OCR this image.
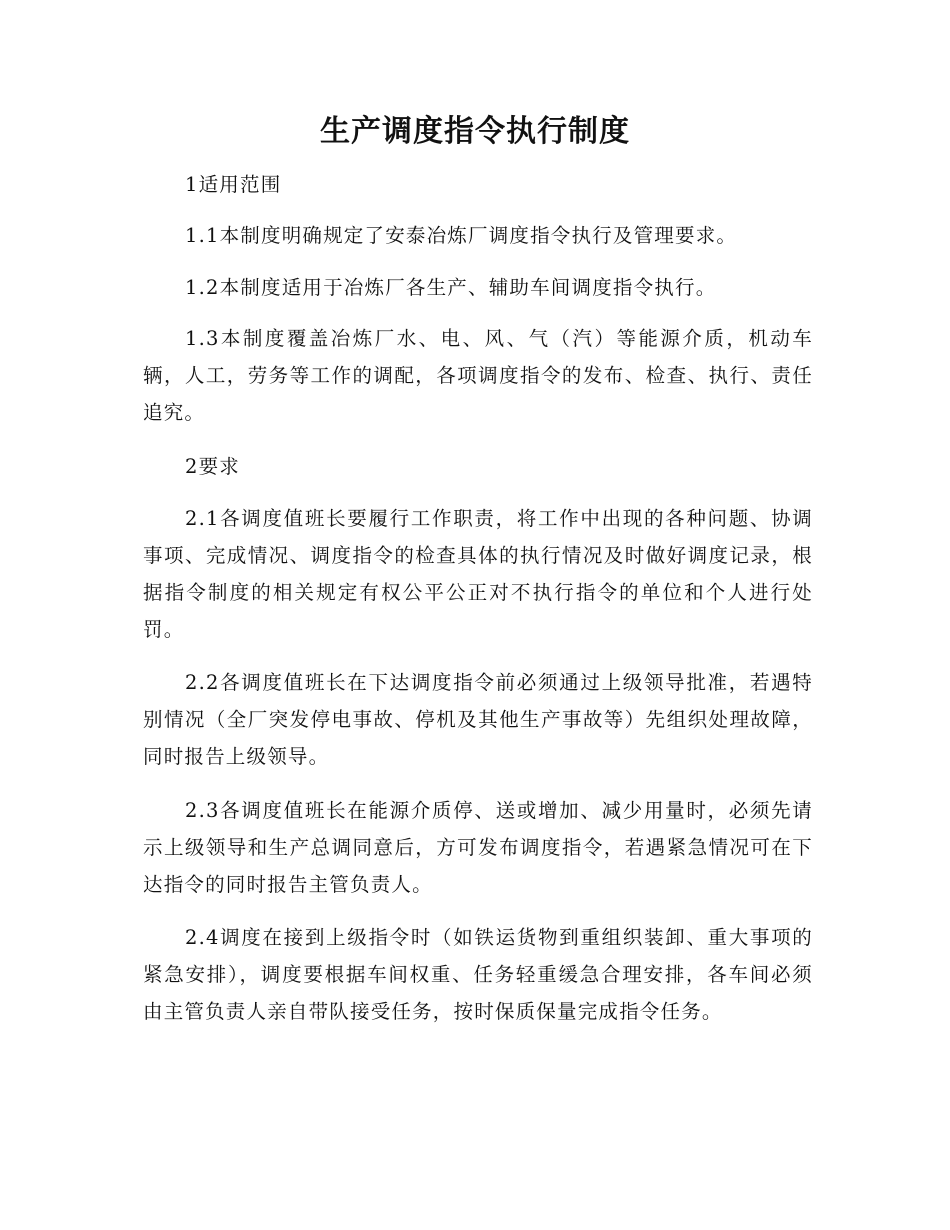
生产调度指令执行制度
1适用范围

1.1本制度明确规定了安泰冶炼厂调度指令执行及管理要求。

1.2本制度适用于冶炼厂各生产、辅助车间调度指令执行。

1.3本制度覆盖冶炼厂水、电、风、气（汽）等能源介质，机动车辆，人工，劳务等工作的调配，各项调度指令的发布、检查、执行、责任追究。

2要求

2.1各调度值班长要履行工作职责，将工作中出现的各种问题、协调事项、完成情况、调度指令的检查具体的执行情况及时做好调度记录，根据指令制度的相关规定有权公平公正对不执行指令的单位和个人进行处罚。

2.2各调度值班长在下达调度指令前必须通过上级领导批准，若遇特别情况（全厂突发停电事故、停机及其他生产事故等）先组织处理故障，同时报告上级领导。

2.3各调度值班长在能源介质停、送或增加、减少用量时，必须先请示上级领导和生产总调同意后，方可发布调度指令，若遇紧急情况可在下达指令的同时报告主管负责人。

2.4调度在接到上级指令时（如铁运货物到重组织装卸、重大事项的紧急安排），调度要根据车间权重、任务轻重缓急合理安排，各车间必须由主管负责人亲自带队接受任务，按时保质保量完成指令任务。
